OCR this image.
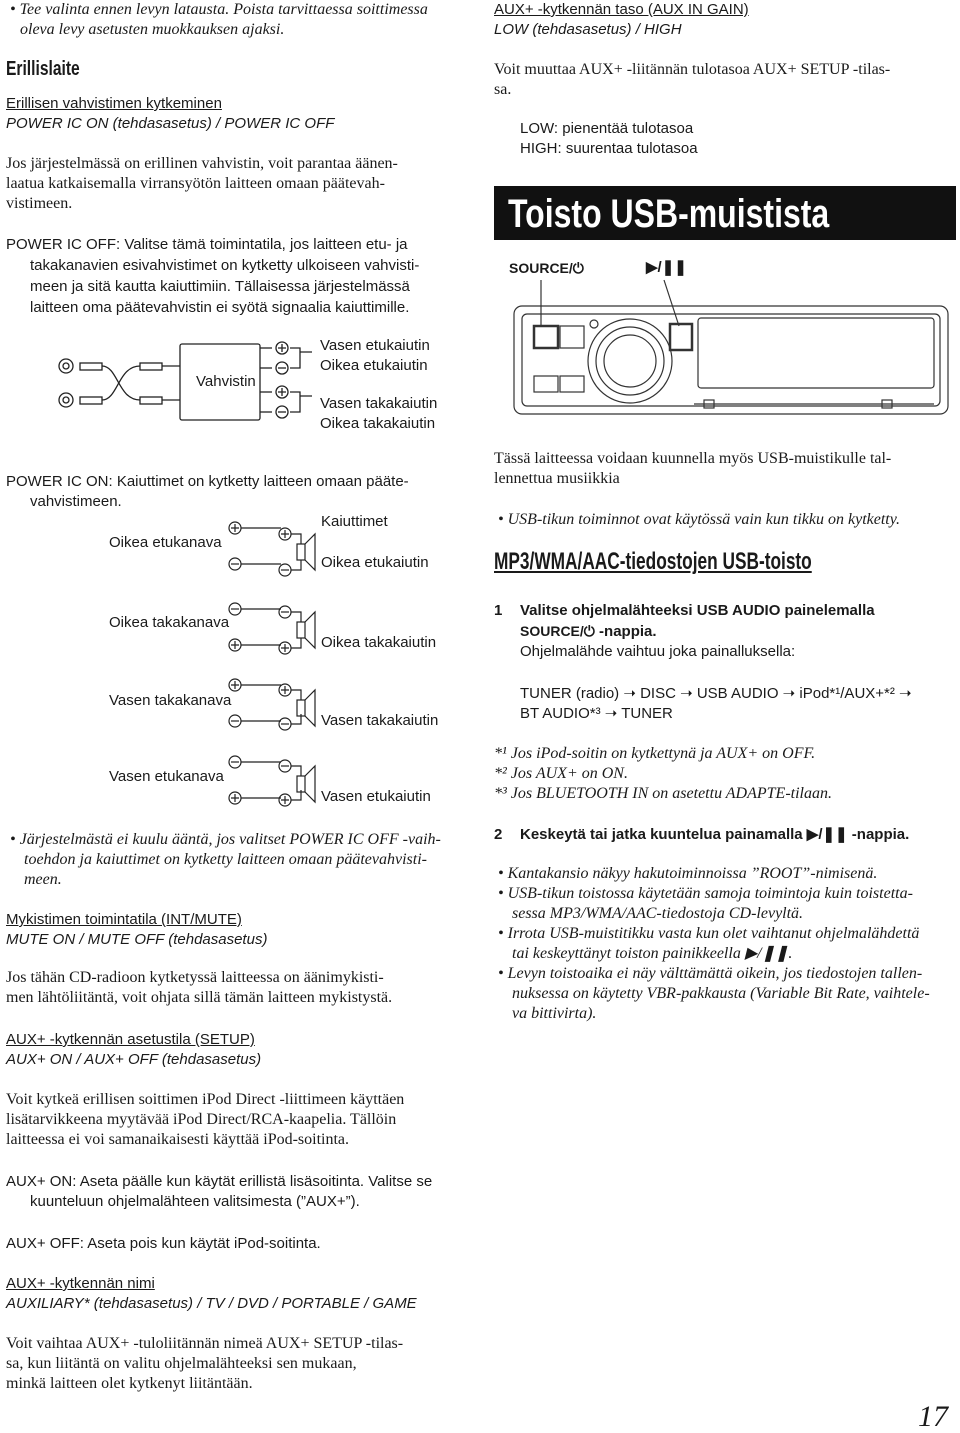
• Tee valinta ennen levyn latausta. Poista tarvittaessa soittimessa
oleva levy asetusten muokkauksen ajaksi.
Erillislaite
Erillisen vahvistimen kytkeminen
POWER IC ON (tehdasasetus) / POWER IC OFF
Jos järjestelmässä on erillinen vahvistin, voit parantaa äänen-
laatua katkaisemalla virransyötön laitteen omaan päätevah-
vistimeen.
POWER IC OFF: Valitse tämä toimintatila, jos laitteen etu- ja
takakanavien esivahvistimet on kytketty ulkoiseen vahvisti-
meen ja sitä kautta kaiuttimiin. Tällaisessa järjestelmässä
laitteen oma päätevahvistin ei syötä signaalia kaiuttimille.
Vahvistin
Vasen etukaiutin
Oikea etukaiutin
Vasen takakaiutin
Oikea takakaiutin
POWER IC ON: Kaiuttimet on kytketty laitteen omaan pääte-
vahvistimeen.
Oikea etukanava
Kaiuttimet
Oikea etukaiutin
Oikea takakanava
Oikea takakaiutin
Vasen takakanava
Vasen takakaiutin
Vasen etukanava
Vasen etukaiutin
• Järjestelmästä ei kuulu ääntä, jos valitset POWER IC OFF -vaih-
toehdon ja kaiuttimet on kytketty laitteen omaan päätevahvisti-
meen.
Mykistimen toimintatila (INT/MUTE)
MUTE ON / MUTE OFF (tehdasasetus)
Jos tähän CD-radioon kytketyssä laitteessa on äänimykisti-
men lähtöliitäntä, voit ohjata sillä tämän laitteen mykistystä.
AUX+ -kytkennän asetustila (SETUP)
AUX+ ON / AUX+ OFF (tehdasasetus)
Voit kytkeä erillisen soittimen iPod Direct -liittimeen käyttäen
lisätarvikkeena myytävää iPod Direct/RCA-kaapelia. Tällöin
laitteessa ei voi samanaikaisesti käyttää iPod-soitinta.
AUX+ ON: Aseta päälle kun käytät erillistä lisäsoitinta. Valitse se
kuunteluun ohjelmalähteen valitsimesta (”AUX+”).
AUX+ OFF: Aseta pois kun käytät iPod-soitinta.
AUX+ -kytkennän nimi
AUXILIARY* (tehdasasetus) / TV / DVD / PORTABLE / GAME
Voit vaihtaa AUX+ -tuloliitännän nimeä AUX+ SETUP -tilas-
sa, kun liitäntä on valitu ohjelmalähteeksi sen mukaan,
minkä laitteen olet kytkenyt liitäntään.
AUX+ -kytkennän taso (AUX IN GAIN)
LOW (tehdasasetus) / HIGH
Voit muuttaa AUX+ -liitännän tulotasoa AUX+ SETUP -tilas-
sa.
LOW: pienentää tulotasoa
HIGH: suurentaa tulotasoa
Toisto USB-muistista
SOURCE/⏻	▶/❚❚
Tässä laitteessa voidaan kuunnella myös USB-muistikulle tal-
lennettua musiikkia
• USB-tikun toiminnot ovat käytössä vain kun tikku on kytketty.
MP3/WMA/AAC-tiedostojen USB-toisto
1 Valitse ohjelmalähteeksi USB AUDIO painelemalla
SOURCE/⏻ -nappia.
Ohjelmalähde vaihtuu joka painalluksella:
TUNER (radio) ➝ DISC ➝ USB AUDIO ➝ iPod*¹/AUX+*² ➝
BT AUDIO*³ ➝ TUNER
*¹ Jos iPod-soitin on kytkettynä ja AUX+ on OFF.
*² Jos AUX+ on ON.
*³ Jos BLUETOOTH IN on asetettu ADAPTE-tilaan.
2 Keskeytä tai jatka kuuntelua painamalla ▶/❚❚ -nappia.
• Kantakansio näkyy hakutoiminnoissa ”ROOT”-nimisenä.
• USB-tikun toistossa käytetään samoja toimintoja kuin toistetta-
sessa MP3/WMA/AAC-tiedostoja CD-levyltä.
• Irrota USB-muistitikku vasta kun olet vaihtanut ohjelmalähdettä
tai keskeyttänyt toiston painikkeella ▶/❚❚.
• Levyn toistoaika ei näy välttämättä oikein, jos tiedostojen tallen-
nuksessa on käytetty VBR-pakkausta (Variable Bit Rate, vaihtele-
va bittivirta).
17
